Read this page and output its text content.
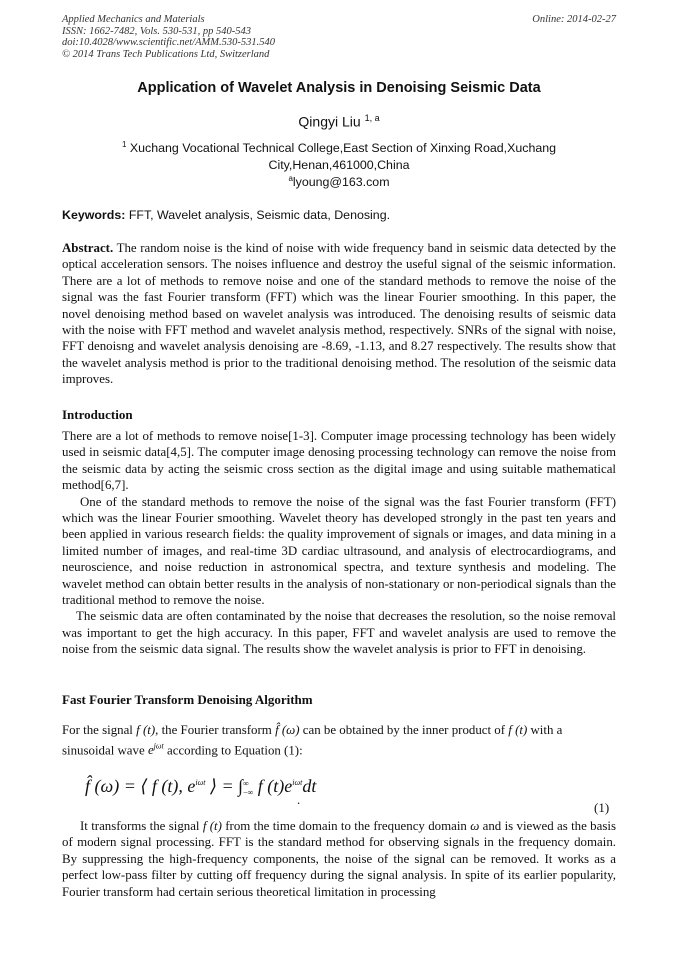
Applied Mechanics and Materials
ISSN: 1662-7482, Vols. 530-531, pp 540-543
doi:10.4028/www.scientific.net/AMM.530-531.540
© 2014 Trans Tech Publications Ltd, Switzerland
Online: 2014-02-27
Application of Wavelet Analysis in Denoising Seismic Data
Qingyi Liu $^{1, a}$
$^1$ Xuchang Vocational Technical College,East Section of Xinxing Road,Xuchang City,Henan,461000,China
$^a$lyoung@163.com
Keywords: FFT, Wavelet analysis, Seismic data, Denosing.
Abstract. The random noise is the kind of noise with wide frequency band in seismic data detected by the optical acceleration sensors. The noises influence and destroy the useful signal of the seismic information. There are a lot of methods to remove noise and one of the standard methods to remove the noise of the signal was the fast Fourier transform (FFT) which was the linear Fourier smoothing. In this paper, the novel denoising method based on wavelet analysis was introduced. The denoising results of seismic data with the noise with FFT method and wavelet analysis method, respectively. SNRs of the signal with noise, FFT denoisng and wavelet analysis denoising are -8.69, -1.13, and 8.27 respectively. The results show that the wavelet analysis method is prior to the traditional denoising method. The resolution of the seismic data improves.
Introduction
There are a lot of methods to remove noise[1-3]. Computer image processing technology has been widely used in seismic data[4,5]. The computer image denosing processing technology can remove the noise from the seismic data by acting the seismic cross section as the digital image and using suitable mathematical method[6,7].
One of the standard methods to remove the noise of the signal was the fast Fourier transform (FFT) which was the linear Fourier smoothing. Wavelet theory has developed strongly in the past ten years and been applied in various research fields: the quality improvement of signals or images, and data mining in a limited number of images, and real-time 3D cardiac ultrasound, and analysis of electrocardiograms, and neuroscience, and noise reduction in astronomical spectra, and texture synthesis and modeling. The wavelet method can obtain better results in the analysis of non-stationary or non-periodical signals than the traditional method to remove the noise.
The seismic data are often contaminated by the noise that decreases the resolution, so the noise removal was important to get the high accuracy. In this paper, FFT and wavelet analysis are used to remove the noise from the seismic data signal. The results show the wavelet analysis is prior to FFT in denoising.
Fast Fourier Transform Denoising Algorithm
For the signal f (t), the Fourier transform f̂ (ω) can be obtained by the inner product of f (t) with a
sinusoidal wave $e^{j\omega t}$ according to Equation (1):
f̂ (ω) = ⟨ f (t), $e^{i\omega t}$ ⟩ = ∫ ∞
−∞ f $(t)e^{i\omega t}dt$
.
(1)
It transforms the signal f (t) from the time domain to the frequency domain ω and is viewed as the basis of modern signal processing. FFT is the standard method for observing signals in the frequency domain. By suppressing the high-frequency components, the noise of the signal can be removed. It works as a perfect low-pass filter by cutting off frequency during the signal analysis. In spite of its earlier popularity, Fourier transform had certain serious theoretical limitation in processing
